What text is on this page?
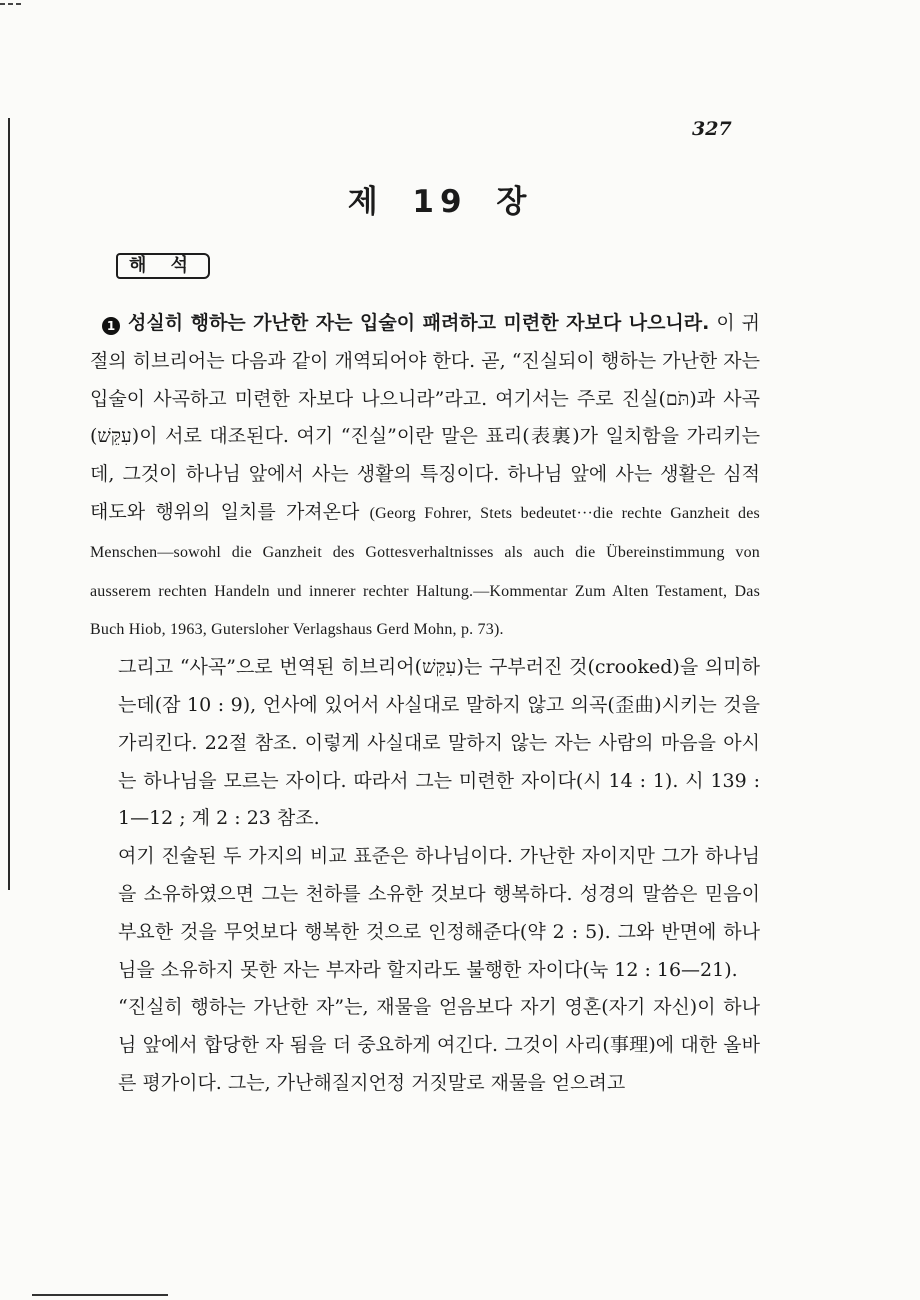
327
제 19 장
해 석

1 성실히 행하는 가난한 자는 입술이 패려하고 미련한 자보다 나으니라. 이 귀절의 히브리어는 다음과 같이 개역되어야 한다. 곧, “진실되이 행하는 가난한 자는 입술이 사곡하고 미련한 자보다 나으니라”라고. 여기서는 주로 진실(תֹּם)과 사곡(עִקֵּשׁ)이 서로 대조된다. 여기 “진실”이란 말은 표리(表裏)가 일치함을 가리키는데, 그것이 하나님 앞에서 사는 생활의 특징이다. 하나님 앞에 사는 생활은 심적 태도와 행위의 일치를 가져온다 (Georg Fohrer, Stets bedeutet···die rechte Ganzheit des Menschen—sowohl die Ganzheit des Gottesverhaltnisses als auch die Übereinstimmung von ausserem rechten Handeln und innerer rechter Haltung.—Kommentar Zum Alten Testament, Das Buch Hiob, 1963, Gutersloher Verlagshaus Gerd Mohn, p. 73).

그리고 “사곡”으로 번역된 히브리어(עִקֵּשׁ)는 구부러진 것(crooked)을 의미하는데(잠 10 : 9), 언사에 있어서 사실대로 말하지 않고 의곡(歪曲)시키는 것을 가리킨다. 22절 참조. 이렇게 사실대로 말하지 않는 자는 사람의 마음을 아시는 하나님을 모르는 자이다. 따라서 그는 미련한 자이다(시 14 : 1). 시 139 : 1—12 ; 계 2 : 23 참조.

여기 진술된 두 가지의 비교 표준은 하나님이다. 가난한 자이지만 그가 하나님을 소유하였으면 그는 천하를 소유한 것보다 행복하다. 성경의 말씀은 믿음이 부요한 것을 무엇보다 행복한 것으로 인정해준다(약 2 : 5). 그와 반면에 하나님을 소유하지 못한 자는 부자라 할지라도 불행한 자이다(눅 12 : 16—21).

“진실히 행하는 가난한 자”는, 재물을 얻음보다 자기 영혼(자기 자신)이 하나님 앞에서 합당한 자 됨을 더 중요하게 여긴다. 그것이 사리(事理)에 대한 올바른 평가이다. 그는, 가난해질지언정 거짓말로 재물을 얻으려고
